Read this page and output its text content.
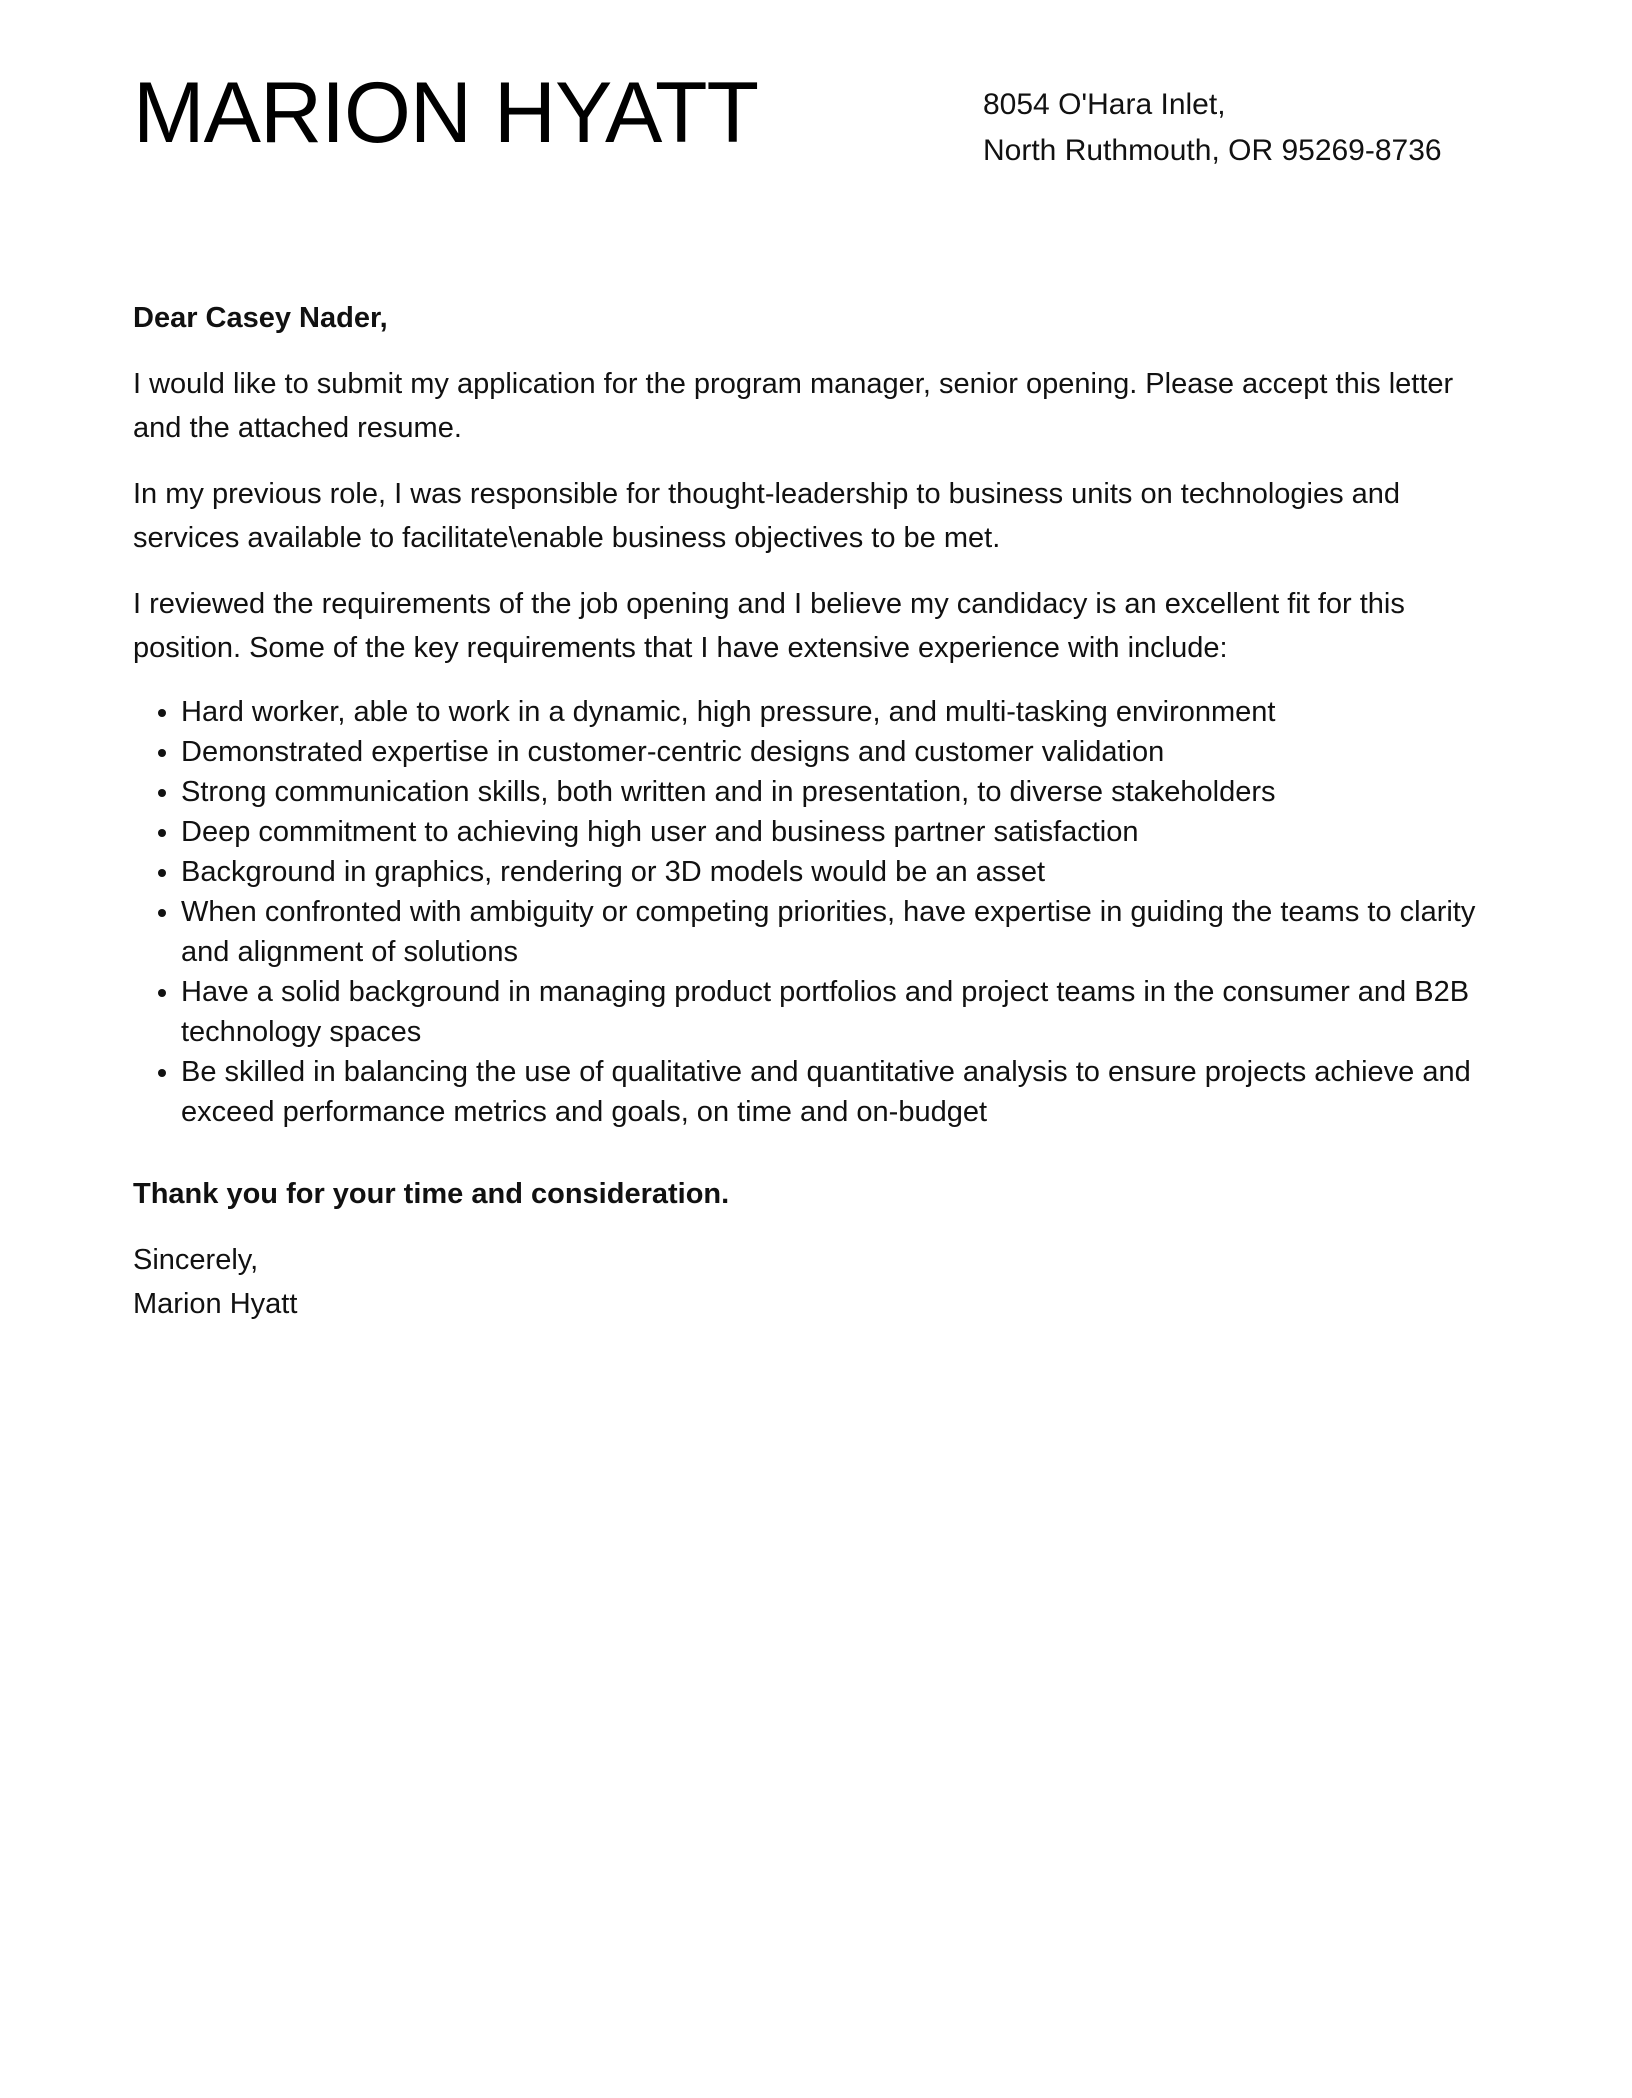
MARION HYATT	8054 O'Hara Inlet,
North Ruthmouth, OR 95269-8736
Dear Casey Nader,

I would like to submit my application for the program manager, senior opening. Please accept this letter and the attached resume.

In my previous role, I was responsible for thought-leadership to business units on technologies and services available to facilitate\enable business objectives to be met.

I reviewed the requirements of the job opening and I believe my candidacy is an excellent fit for this position. Some of the key requirements that I have extensive experience with include:

• Hard worker, able to work in a dynamic, high pressure, and multi-tasking environment
• Demonstrated expertise in customer-centric designs and customer validation
• Strong communication skills, both written and in presentation, to diverse stakeholders
• Deep commitment to achieving high user and business partner satisfaction
• Background in graphics, rendering or 3D models would be an asset
• When confronted with ambiguity or competing priorities, have expertise in guiding the teams to clarity and alignment of solutions
• Have a solid background in managing product portfolios and project teams in the consumer and B2B technology spaces
• Be skilled in balancing the use of qualitative and quantitative analysis to ensure projects achieve and exceed performance metrics and goals, on time and on-budget
Thank you for your time and consideration.
Sincerely,
Marion Hyatt
